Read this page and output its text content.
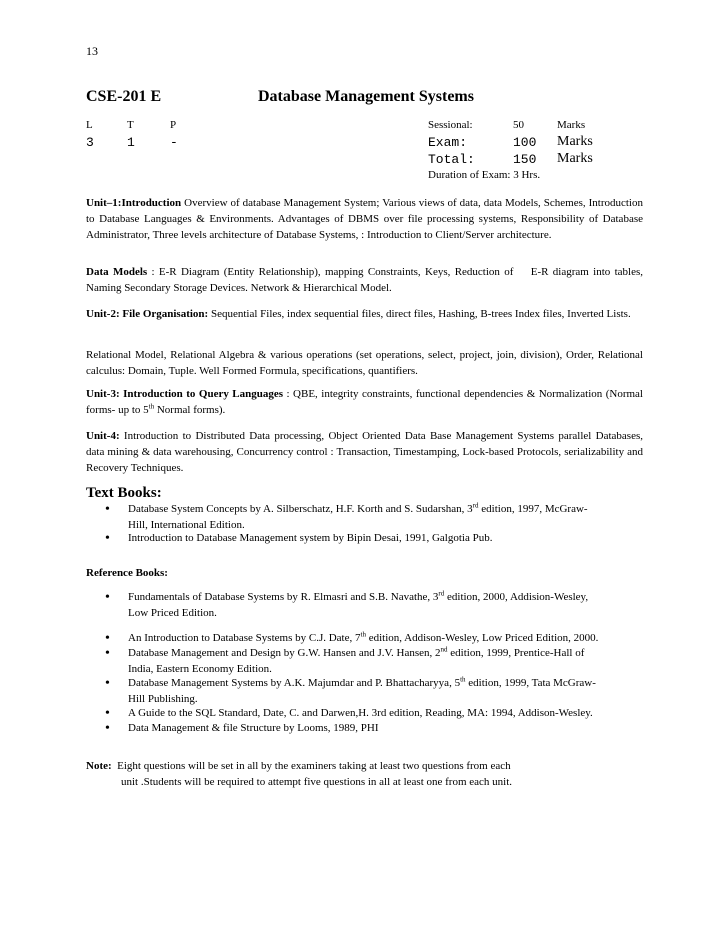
13
CSE-201 E	Database Management Systems
L	T	P
3	1	-
Sessional:	50	Marks
Exam:	100 Marks
Total:	150 Marks
Duration of Exam: 3 Hrs.
Unit–1:Introduction Overview of database Management System; Various views of data, data Models, Schemes, Introduction to Database Languages & Environments. Advantages of DBMS over file processing systems, Responsibility of Database Administrator, Three levels architecture of Database Systems, : Introduction to Client/Server architecture.
Data Models : E-R Diagram (Entity Relationship), mapping Constraints, Keys, Reduction of    E-R diagram into tables, Naming Secondary Storage Devices. Network & Hierarchical Model.
Unit-2: File Organisation: Sequential Files, index sequential files, direct files, Hashing, B-trees Index files, Inverted Lists.
Relational Model, Relational Algebra & various operations (set operations, select, project, join, division), Order, Relational calculus: Domain, Tuple. Well Formed Formula, specifications, quantifiers.
Unit-3: Introduction to Query Languages : QBE, integrity constraints, functional dependencies & Normalization (Normal forms- up to 5th Normal forms).
Unit-4: Introduction to Distributed Data processing, Object Oriented Data Base Management Systems parallel Databases, data mining & data warehousing, Concurrency control : Transaction, Timestamping, Lock-based Protocols, serializability and Recovery Techniques.
Text Books:
• Database System Concepts by A. Silberschatz, H.F. Korth and S. Sudarshan, 3rd edition, 1997, McGraw-
Hill, International Edition.
• Introduction to Database Management system by Bipin Desai, 1991, Galgotia Pub.
Reference Books:
• Fundamentals of Database Systems by R. Elmasri and S.B. Navathe, 3rd edition, 2000, Addision-Wesley,
Low Priced Edition.
• An Introduction to Database Systems by C.J. Date, 7th edition, Addison-Wesley, Low Priced Edition, 2000.
• Database Management and Design by G.W. Hansen and J.V. Hansen, 2nd edition, 1999, Prentice-Hall of
India, Eastern Economy Edition.
• Database Management Systems by A.K. Majumdar and P. Bhattacharyya, 5th edition, 1999, Tata McGraw-
Hill Publishing.
• A Guide to the SQL Standard, Date, C. and Darwen,H. 3rd edition, Reading, MA: 1994, Addison-Wesley.
• Data Management & file Structure by Looms, 1989, PHI
Note:  Eight questions will be set in all by the examiners taking at least two questions from each
unit .Students will be required to attempt five questions in all at least one from each unit.
